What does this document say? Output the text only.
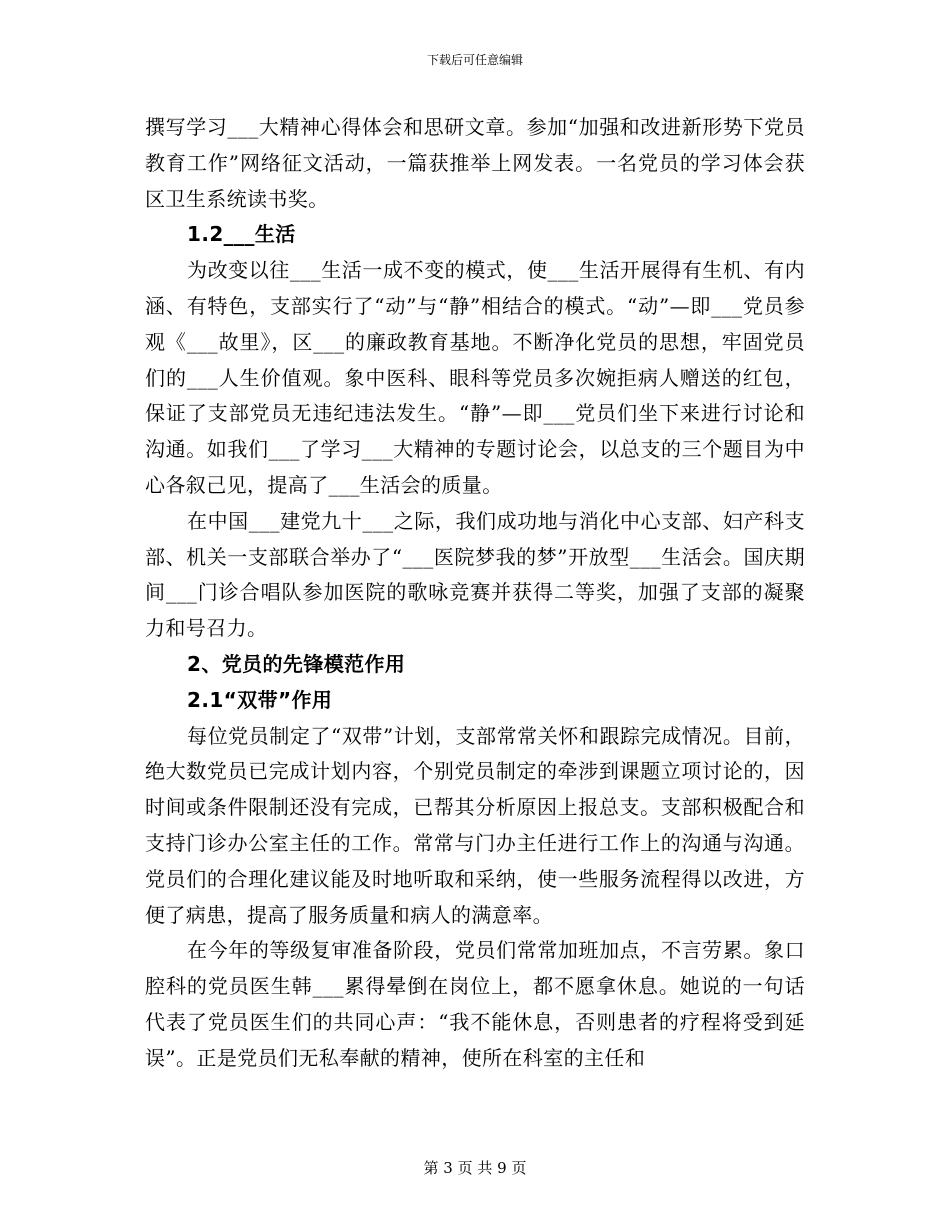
下载后可任意编辑

撰写学习___大精神心得体会和思研文章。参加“加强和改进新形势下党员教育工作”网络征文活动，一篇获推举上网发表。一名党员的学习体会获区卫生系统读书奖。

1.2___生活

为改变以往___生活一成不变的模式，使___生活开展得有生机、有内涵、有特色，支部实行了“动”与“静”相结合的模式。“动”—即___党员参观《___故里》，区___的廉政教育基地。不断净化党员的思想，牢固党员们的___人生价值观。象中医科、眼科等党员多次婉拒病人赠送的红包，保证了支部党员无违纪违法发生。“静”—即___党员们坐下来进行讨论和沟通。如我们___了学习___大精神的专题讨论会，以总支的三个题目为中心各叙己见，提高了___生活会的质量。

在中国___建党九十___之际，我们成功地与消化中心支部、妇产科支部、机关一支部联合举办了“___医院梦我的梦”开放型___生活会。国庆期间___门诊合唱队参加医院的歌咏竞赛并获得二等奖，加强了支部的凝聚力和号召力。

2、党员的先锋模范作用

2.1“双带”作用

每位党员制定了“双带”计划，支部常常关怀和跟踪完成情况。目前，绝大数党员已完成计划内容，个别党员制定的牵涉到课题立项讨论的，因时间或条件限制还没有完成，已帮其分析原因上报总支。支部积极配合和支持门诊办公室主任的工作。常常与门办主任进行工作上的沟通与沟通。党员们的合理化建议能及时地听取和采纳，使一些服务流程得以改进，方便了病患，提高了服务质量和病人的满意率。

在今年的等级复审准备阶段，党员们常常加班加点，不言劳累。象口腔科的党员医生韩___累得晕倒在岗位上，都不愿拿休息。她说的一句话代表了党员医生们的共同心声：“我不能休息，否则患者的疗程将受到延误”。正是党员们无私奉献的精神，使所在科室的主任和

第 3 页 共 9 页
